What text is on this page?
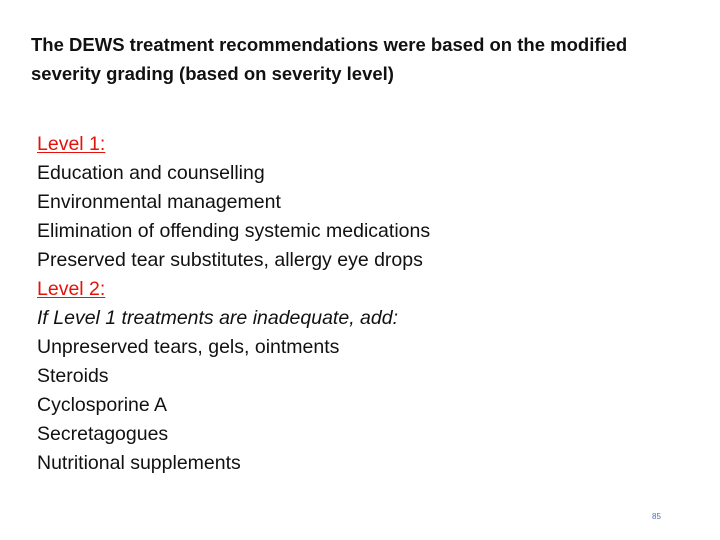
The DEWS treatment recommendations were based on the modified severity grading (based on severity level)
Level 1:
Education and counselling
Environmental management
Elimination of offending systemic medications
Preserved tear substitutes, allergy eye drops
Level 2:
If Level 1 treatments are inadequate, add:
Unpreserved tears, gels, ointments
Steroids
Cyclosporine A
Secretagogues
Nutritional supplements
85
